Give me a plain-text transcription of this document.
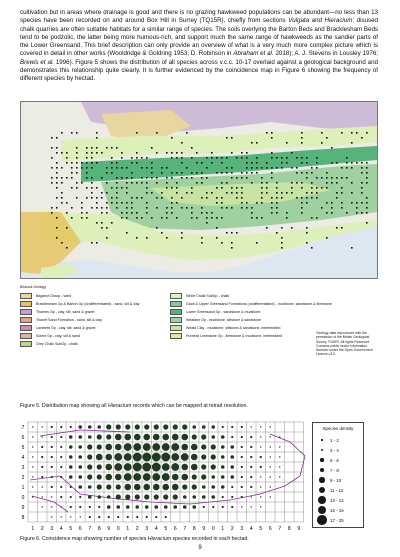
cultivation but in areas where drainage is good and there is no grazing hawkweed populations can be abundant—no less than 13 species have been recorded on and around Box Hill in Surrey (TQ15R), chiefly from sections Vulgata and Hieracium; disused chalk quarries are often suitable habitats for a similar range of species. The soils overlying the Barton Beds and Bracklesham Beds tend to be podzolic, the latter being more humous-rich, and support much the same range of hawkweeds as the sandier parts of the Lower Greensand. This brief description can only provide an overview of what is a very much more complex picture which is covered in detail in other works (Wooldridge & Goldring 1953; D. Robinson in Abraham et al. 2018); A. J. Stevens in Lousley 1976; Brewis et al. 1996). Figure 5 shows the distribution of all species across v.c.c. 10-17 overlaid against a geological background and demonstrates this relationship quite clearly. It is further evidenced by the coincidence map in Figure 6 showing the frequency of different species by hectad.

Bedrock Geology
Bagshot Group - sand
Bracklesham Gp & Barton Gp (undifferentiated) - sand, silt & clay
Thames Gp - clay, silt, sand & gravel
Thanet Sand Formation - sand, silt & clay
Lambeth Gp - clay, silt, sand & gravel
Solent Gp - clay, silt & sand
Grey Chalk SubGp - chalk
White Chalk SubGp - chalk
Gault & Upper Greensand Formations (undifferentiated) - mudstone, sandstone & limestone
Lower Greensand Gp - sandstone & mudstone
Wealden Gp - mudstone, siltstone & sandstone
Weald Clay - mudstone, siltstone & sandstone, interbedded
Purbeck Limestone Gp - limestone & mudstone, interbedded
Geology data reproduced with the permission of the British Geological Survey. ©UKRI. All rights Reserved. Contains public sector information licensed under the Open Government Licence v3.0.
Figure 5. Distribution map showing all Hieracium records which can be mapped at tetrad resolution.
1 2 3 4 5 6 7 8 9 0 1 2 3 4 5 6 7 8 9 0 1 2 3 4 5 6 7 8 9
7
6
5
4
3
2
1
0
9
8
Species density
1 - 2
3 - 4
5 - 6
7 - 8
9 - 10
11 - 12
13 - 14
15 - 16
17 - 25
Figure 6. Coincidence map showing number of species Hieracium species recorded in each hectad.
9
